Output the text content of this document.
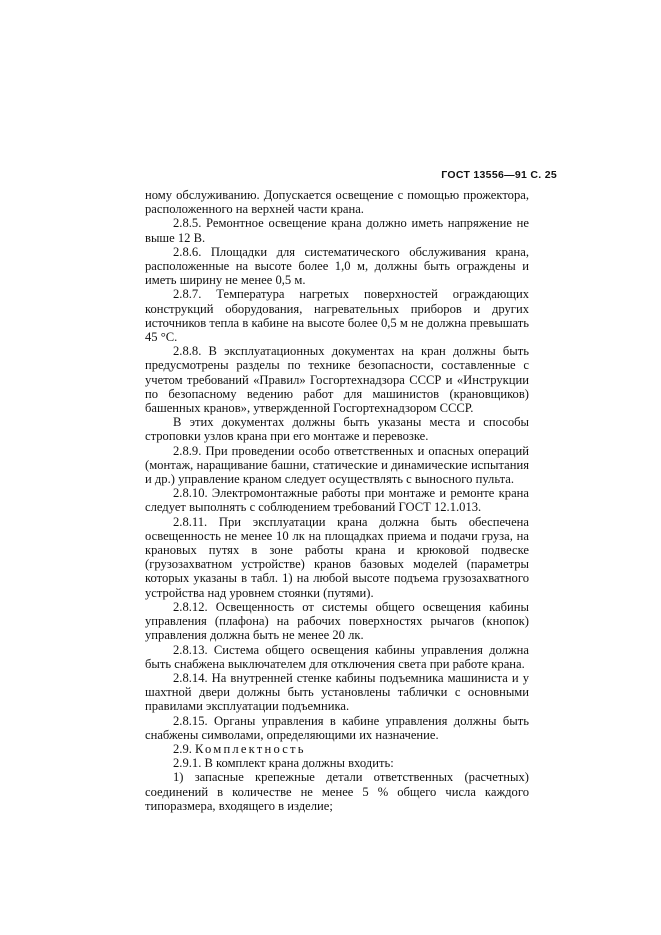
ГОСТ 13556—91 С. 25

ному обслуживанию. Допускается освещение с помощью прожектора, расположенного на верхней части крана.

2.8.5. Ремонтное освещение крана должно иметь напряжение не выше 12 В.

2.8.6. Площадки для систематического обслуживания крана, расположенные на высоте более 1,0 м, должны быть ограждены и иметь ширину не менее 0,5 м.

2.8.7. Температура нагретых поверхностей ограждающих конструкций оборудования, нагревательных приборов и других источников тепла в кабине на высоте более 0,5 м не должна превышать 45 °С.

2.8.8. В эксплуатационных документах на кран должны быть предусмотрены разделы по технике безопасности, составленные с учетом требований «Правил» Госгортехнадзора СССР и «Инструкции по безопасному ведению работ для машинистов (крановщиков) башенных кранов», утвержденной Госгортехнадзором СССР.

В этих документах должны быть указаны места и способы строповки узлов крана при его монтаже и перевозке.

2.8.9. При проведении особо ответственных и опасных операций (монтаж, наращивание башни, статические и динамические испытания и др.) управление краном следует осуществлять с выносного пульта.

2.8.10. Электромонтажные работы при монтаже и ремонте крана следует выполнять с соблюдением требований ГОСТ 12.1.013.

2.8.11. При эксплуатации крана должна быть обеспечена освещенность не менее 10 лк на площадках приема и подачи груза, на крановых путях в зоне работы крана и крюковой подвеске (грузозахватном устройстве) кранов базовых моделей (параметры которых указаны в табл. 1) на любой высоте подъема грузозахватного устройства над уровнем стоянки (путями).

2.8.12. Освещенность от системы общего освещения кабины управления (плафона) на рабочих поверхностях рычагов (кнопок) управления должна быть не менее 20 лк.

2.8.13. Система общего освещения кабины управления должна быть снабжена выключателем для отключения света при работе крана.

2.8.14. На внутренней стенке кабины подъемника машиниста и у шахтной двери должны быть установлены таблички с основными правилами эксплуатации подъемника.

2.8.15. Органы управления в кабине управления должны быть снабжены символами, определяющими их назначение.

2.9. Комплектность

2.9.1. В комплект крана должны входить:

1) запасные крепежные детали ответственных (расчетных) соединений в количестве не менее 5 % общего числа каждого типоразмера, входящего в изделие;
